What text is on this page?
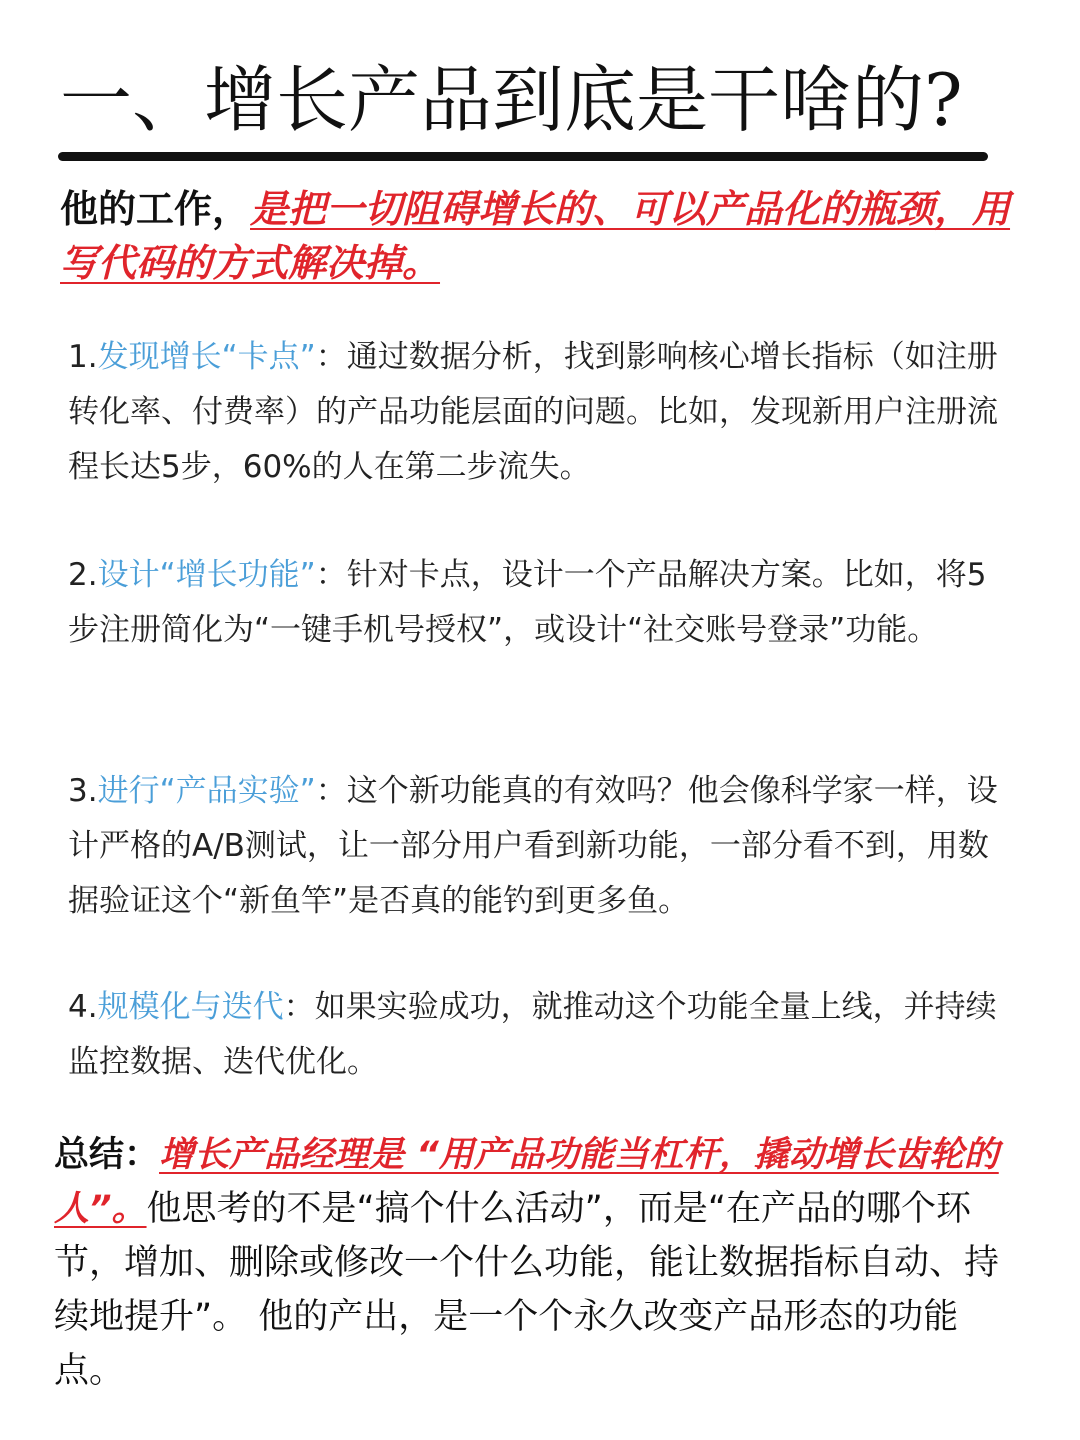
一、增长产品到底是干啥的?

他的工作，是把一切阻碍增长的、可以产品化的瓶颈，用写代码的方式解决掉。

1.发现增长“卡点”：通过数据分析，找到影响核心增长指标（如注册转化率、付费率）的产品功能层面的问题。比如，发现新用户注册流程长达5步，60%的人在第二步流失。

2.设计“增长功能”：针对卡点，设计一个产品解决方案。比如，将5步注册简化为“一键手机号授权”，或设计“社交账号登录”功能。

3.进行“产品实验”：这个新功能真的有效吗？他会像科学家一样，设计严格的A/B测试，让一部分用户看到新功能，一部分看不到，用数据验证这个“新鱼竿”是否真的能钓到更多鱼。

4.规模化与迭代：如果实验成功，就推动这个功能全量上线，并持续监控数据、迭代优化。

总结：增长产品经理是 “用产品功能当杠杆，撬动增长齿轮的人”。他思考的不是“搞个什么活动”，而是“在产品的哪个环节，增加、删除或修改一个什么功能，能让数据指标自动、持续地提升”。 他的产出，是一个个永久改变产品形态的功能点。
